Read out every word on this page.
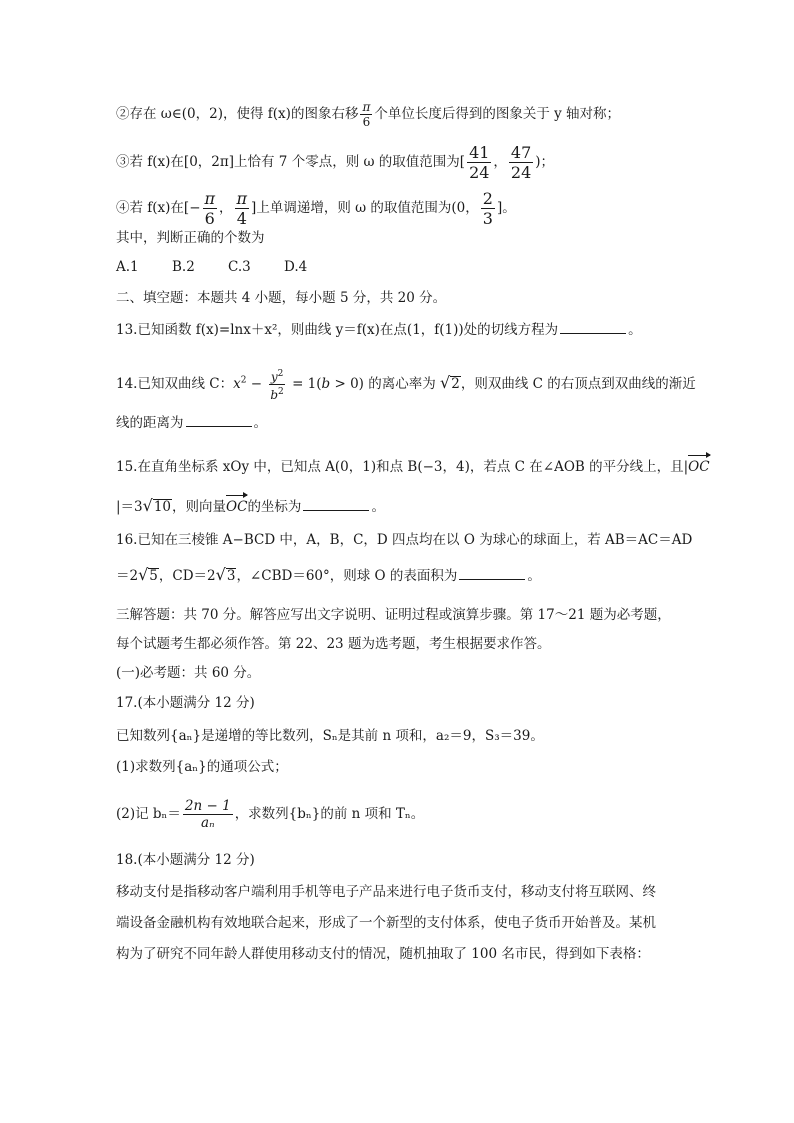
②存在 ω∈(0，2)，使得 f(x)的图象右移 $\frac{\pi}{6}$ 个单位长度后得到的图象关于 y 轴对称；
③若 f(x)在[0，2π]上恰有 7 个零点，则 ω 的取值范围为[ $\frac{41}{24}$ ， $\frac{47}{24}$ )；
④若 f(x)在[− $\frac{\pi}{6}$ ， $\frac{\pi}{4}$ ]上单调递增，则 ω 的取值范围为(0， $\frac{2}{3}$ ]。
其中，判断正确的个数为
A.1 B.2 C.3 D.4
二、填空题：本题共 4 小题，每小题 5 分，共 20 分。
13.已知函数 f(x)=lnx＋x²，则曲线 y＝f(x)在点(1，f(1))处的切线方程为	。
14.已知双曲线 C：$x^2 - \frac{y^2}{b^2} = 1(b > 0)$ 的离心率为 √2，则双曲线 C 的右顶点到双曲线的渐近
线的距离为	。
15.在直角坐标系 xOy 中，已知点 A(0，1)和点 B(−3，4)，若点 C 在∠AOB 的平分线上，且|OC
|＝3√10，则向量OC的坐标为	。
16.已知在三棱锥 A−BCD 中，A，B，C，D 四点均在以 O 为球心的球面上，若 AB＝AC＝AD
＝2√5，CD＝2√3，∠CBD＝60°，则球 O 的表面积为	。
三解答题：共 70 分。解答应写出文字说明、证明过程或演算步骤。第 17～21 题为必考题，
每个试题考生都必须作答。第 22、23 题为选考题，考生根据要求作答。
(一)必考题：共 60 分。
17.(本小题满分 12 分)
已知数列{aₙ}是递增的等比数列，Sₙ是其前 n 项和，a₂＝9，S₃＝39。
(1)求数列{aₙ}的通项公式；
(2)记 $b_n= \frac{2n - 1}{\text{aₙ}}$ ，求数列{bₙ}的前 n 项和 Tₙ。
18.(本小题满分 12 分)
移动支付是指移动客户端利用手机等电子产品来进行电子货币支付，移动支付将互联网、终
端设备金融机构有效地联合起来，形成了一个新型的支付体系，使电子货币开始普及。某机
构为了研究不同年龄人群使用移动支付的情况，随机抽取了 100 名市民，得到如下表格：
